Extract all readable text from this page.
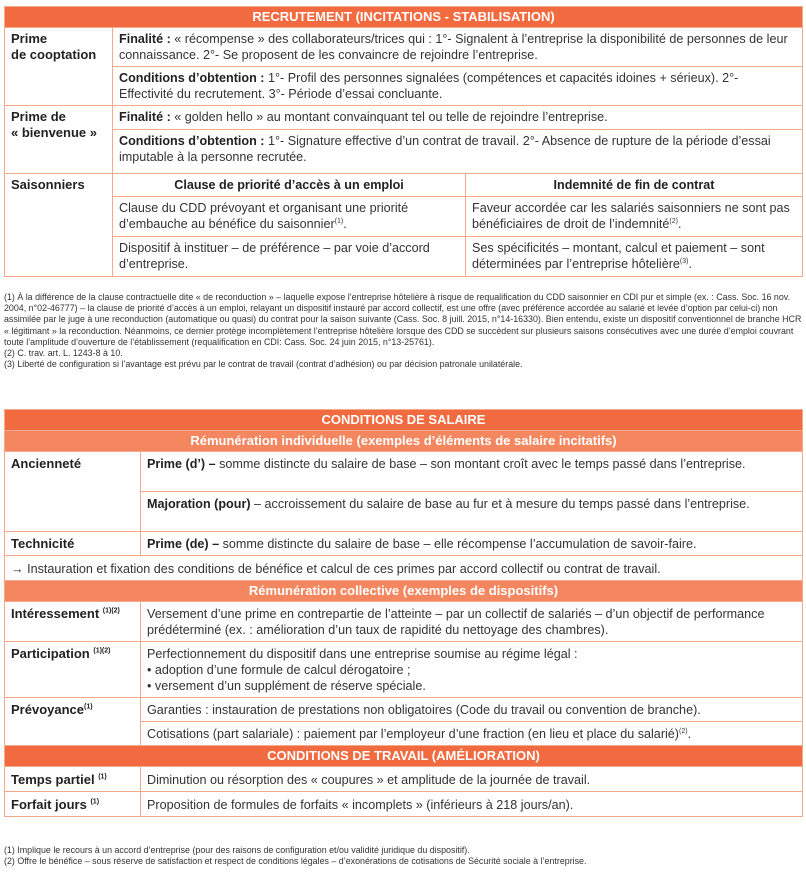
RECRUTEMENT (INCITATIONS - STABILISATION)		

Prime
de cooptation	Finalité : « récompense » des collaborateurs/trices qui : 1°- Signalent à l’entreprise la disponibilité de personnes de leur connaissance. 2°- Se proposent de les convaincre de rejoindre l’entreprise.	
	Conditions d’obtention : 1°- Profil des personnes signalées (compétences et capacités idoines + sérieux). 2°- Effectivité du recrutement. 3°- Période d’essai concluante.	

Prime de
« bienvenue »	Finalité : « golden hello » au montant convainquant tel ou telle de rejoindre l’entreprise.	
	Conditions d’obtention : 1°- Signature effective d’un contrat de travail. 2°- Absence de rupture de la période d’essai imputable à la personne recrutée.	
Saisonniers	Clause de priorité d’accès à un emploi	Indemnité de fin de contrat
	Clause du CDD prévoyant et organisant une priorité d’embauche au bénéfice du saisonnier$^{(1)}$.	Faveur accordée car les salariés saisonniers ne sont pas bénéficiaires de droit de l’indemnité$^{(2)}$.
	Dispositif à instituer – de préférence – par voie d’accord d’entreprise.	Ses spécificités – montant, calcul et paiement – sont déterminées par l’entreprise hôtelière$^{(3)}$.

(1) À la différence de la clause contractuelle dite « de reconduction » – laquelle expose l’entreprise hôtelière à risque de requalification du CDD saisonnier en CDI pur et simple (ex. : Cass. Soc. 16 nov. 2004, n°02-46777) – la clause de priorité d’accès à un emploi, relayant un dispositif instauré par accord collectif, est une offre (avec préférence accordée au salarié et levée d’option par celui-ci) non assimilée par le juge à une reconduction (automatique ou quasi) du contrat pour la saison suivante (Cass. Soc. 8 juill. 2015, n°14-16330). Bien entendu, existe un dispositif conventionnel de branche HCR « légitimant » la reconduction. Néanmoins, ce dernier protège incomplètement l’entreprise hôtelière lorsque des CDD se succèdent sur plusieurs saisons consécutives avec une durée d’emploi couvrant toute l’amplitude d’ouverture de l’établissement (requalification en CDI: Cass. Soc. 24 juin 2015, n°13-25761).

(2) C. trav. art. L. 1243-8 à 10.

(3) Liberté de configuration si l’avantage est prévu par le contrat de travail (contrat d’adhésion) ou par décision patronale unilatérale.

CONDITIONS DE SALAIRE	
Rémunération individuelle (exemples d’éléments de salaire incitatifs)	
Ancienneté	Prime (d’) – somme distincte du salaire de base – son montant croît avec le temps passé dans l’entreprise.
	Majoration (pour) – accroissement du salaire de base au fur et à mesure du temps passé dans l’entreprise.
Technicité	Prime (de) – somme distincte du salaire de base – elle récompense l’accumulation de savoir-faire.
→ Instauration et fixation des conditions de bénéfice et calcul de ces primes par accord collectif ou contrat de travail.	
Rémunération collective (exemples de dispositifs)	
Intéressement $^{(1)(2)}$	Versement d’une prime en contrepartie de l’atteinte – par un collectif de salariés – d’un objectif de performance prédéterminé (ex. : amélioration d’un taux de rapidité du nettoyage des chambres).
Participation $^{(1)(2)}$	Perfectionnement du dispositif dans une entreprise soumise au régime légal :
• adoption d’une formule de calcul dérogatoire ;
• versement d’un supplément de réserve spéciale.

Prévoyance$^{(1)}$	Garanties : instauration de prestations non obligatoires (Code du travail ou convention de branche).
	Cotisations (part salariale) : paiement par l’employeur d’une fraction (en lieu et place du salarié)$^{(2)}$.
CONDITIONS DE TRAVAIL (AMÉLIORATION)	
Temps partiel $^{(1)}$	Diminution ou résorption des « coupures » et amplitude de la journée de travail.
Forfait jours $^{(1)}$	Proposition de formules de forfaits « incomplets » (inférieurs à 218 jours/an).

(1) Implique le recours à un accord d’entreprise (pour des raisons de configuration et/ou validité juridique du dispositif).

(2) Offre le bénéfice – sous réserve de satisfaction et respect de conditions légales – d’exonérations de cotisations de Sécurité sociale à l’entreprise.
